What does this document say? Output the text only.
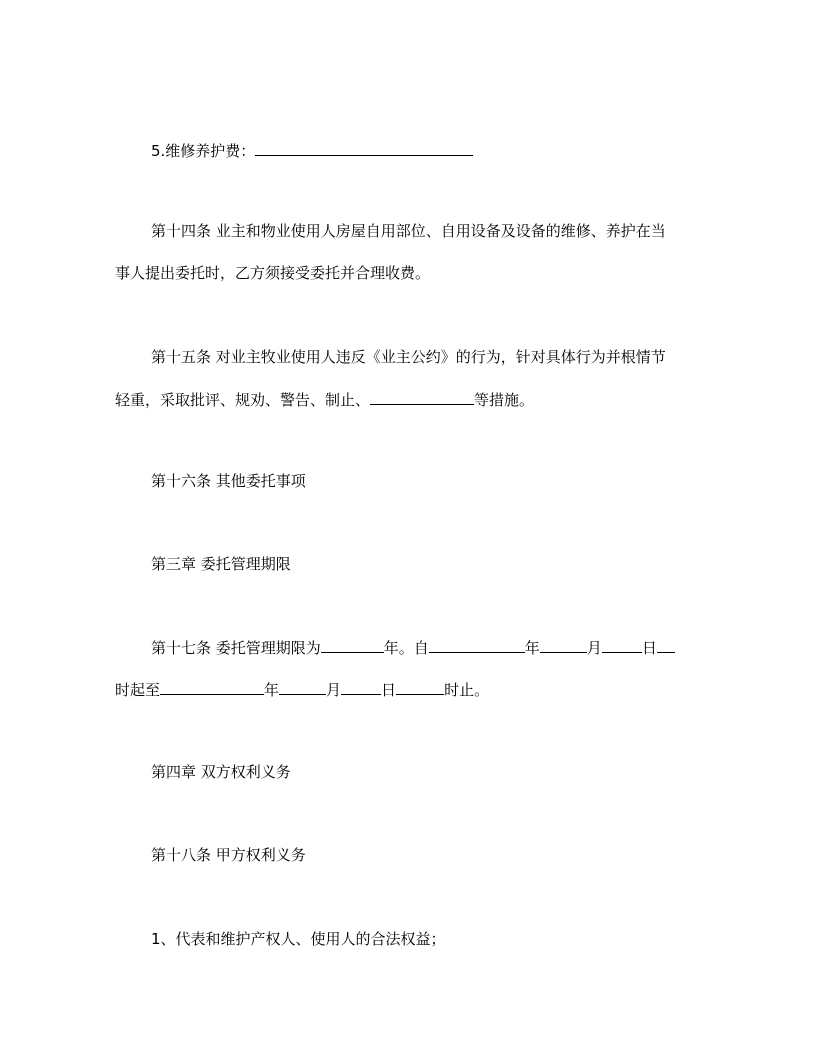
5.维修养护费：
第十四条 业主和物业使用人房屋自用部位、自用设备及设备的维修、养护在当
事人提出委托时，乙方须接受委托并合理收费。
第十五条 对业主牧业使用人违反《业主公约》的行为，针对具体行为并根情节
轻重，采取批评、规劝、警告、制止、	等措施。
第十六条 其他委托事项
第三章 委托管理期限
第十七条 委托管理期限为	年。自	年	月	日
时起至	年	月	日	时止。
第四章 双方权利义务
第十八条 甲方权利义务
1、代表和维护产权人、使用人的合法权益；
